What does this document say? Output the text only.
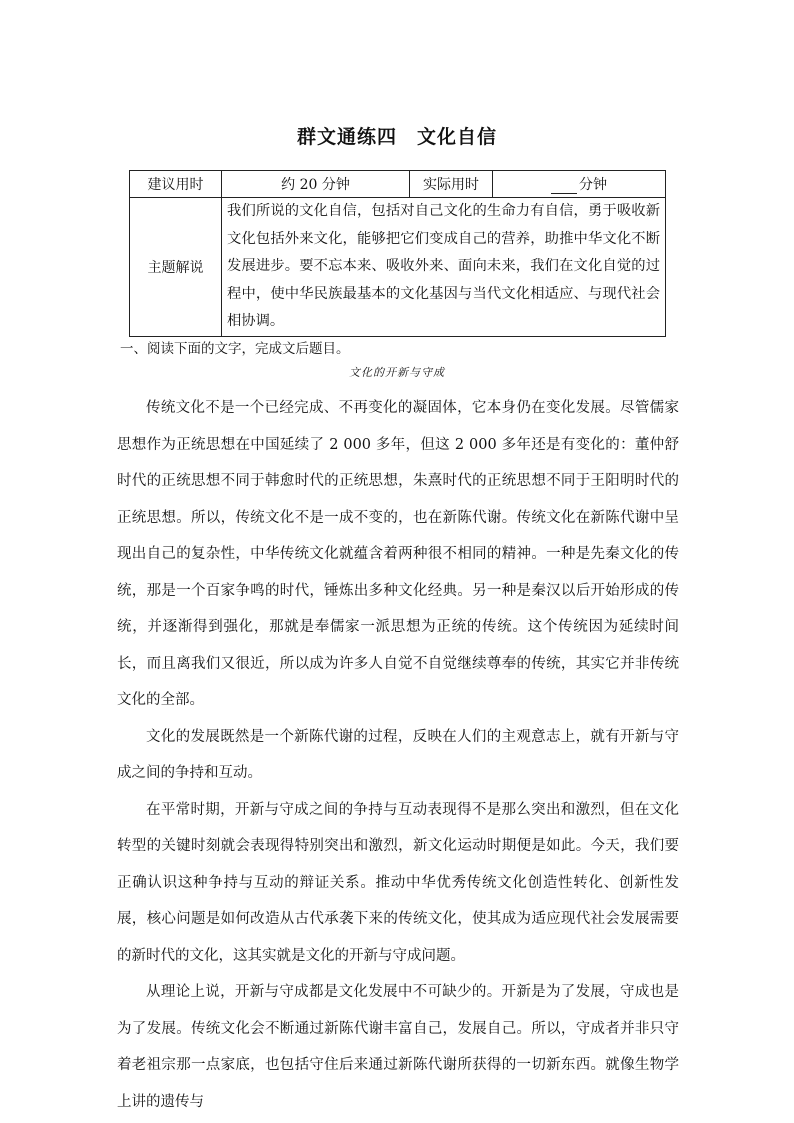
群文通练四　文化自信
建议用时	约 20 分钟	实际用时	分钟
主题解说	我们所说的文化自信，包括对自己文化的生命力有自信，勇于吸收新文化包括外来文化，能够把它们变成自己的营养，助推中华文化不断发展进步。要不忘本来、吸收外来、面向未来，我们在文化自觉的过程中，使中华民族最基本的文化基因与当代文化相适应、与现代社会相协调。		
一、阅读下面的文字，完成文后题目。
文化的开新与守成

传统文化不是一个已经完成、不再变化的凝固体，它本身仍在变化发展。尽管儒家思想作为正统思想在中国延续了 2 000 多年，但这 2 000 多年还是有变化的：董仲舒时代的正统思想不同于韩愈时代的正统思想，朱熹时代的正统思想不同于王阳明时代的正统思想。所以，传统文化不是一成不变的，也在新陈代谢。传统文化在新陈代谢中呈现出自己的复杂性，中华传统文化就蕴含着两种很不相同的精神。一种是先秦文化的传统，那是一个百家争鸣的时代，锤炼出多种文化经典。另一种是秦汉以后开始形成的传统，并逐渐得到强化，那就是奉儒家一派思想为正统的传统。这个传统因为延续时间长，而且离我们又很近，所以成为许多人自觉不自觉继续尊奉的传统，其实它并非传统文化的全部。

文化的发展既然是一个新陈代谢的过程，反映在人们的主观意志上，就有开新与守成之间的争持和互动。

在平常时期，开新与守成之间的争持与互动表现得不是那么突出和激烈，但在文化转型的关键时刻就会表现得特别突出和激烈，新文化运动时期便是如此。今天，我们要正确认识这种争持与互动的辩证关系。推动中华优秀传统文化创造性转化、创新性发展，核心问题是如何改造从古代承袭下来的传统文化，使其成为适应现代社会发展需要的新时代的文化，这其实就是文化的开新与守成问题。

从理论上说，开新与守成都是文化发展中不可缺少的。开新是为了发展，守成也是为了发展。传统文化会不断通过新陈代谢丰富自己，发展自己。所以，守成者并非只守着老祖宗那一点家底，也包括守住后来通过新陈代谢所获得的一切新东西。就像生物学上讲的遗传与
